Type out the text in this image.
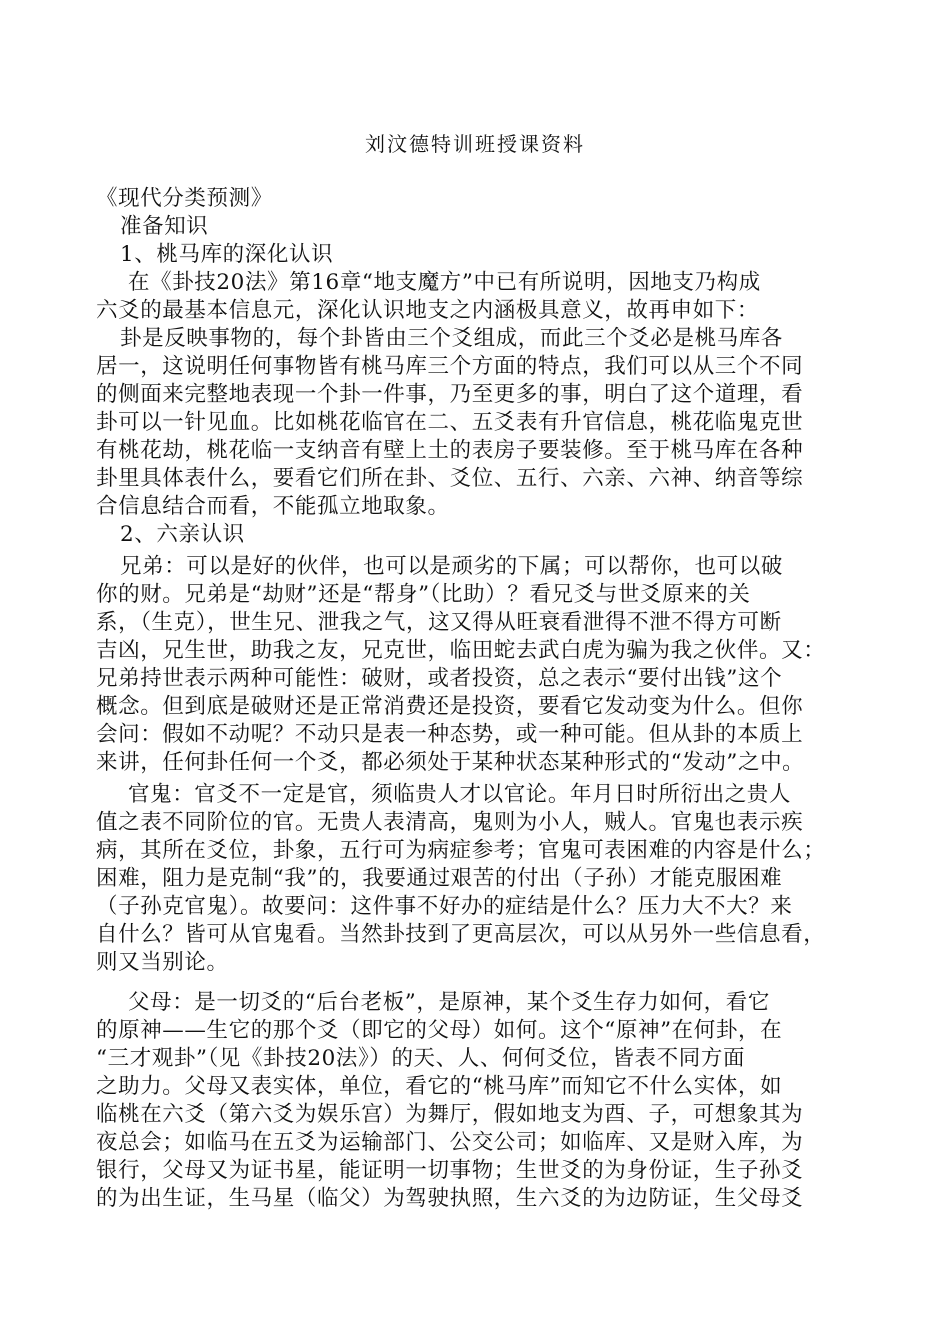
刘汶德特训班授课资料
《现代分类预测》
准备知识
1、桃马库的深化认识
在《卦技20法》第16章“地支魔方”中已有所说明，因地支乃构成
六爻的最基本信息元，深化认识地支之内涵极具意义，故再申如下：
卦是反映事物的，每个卦皆由三个爻组成，而此三个爻必是桃马库各
居一，这说明任何事物皆有桃马库三个方面的特点，我们可以从三个不同
的侧面来完整地表现一个卦一件事，乃至更多的事，明白了这个道理，看
卦可以一针见血。比如桃花临官在二、五爻表有升官信息，桃花临鬼克世
有桃花劫，桃花临一支纳音有壁上土的表房子要装修。至于桃马库在各种
卦里具体表什么，要看它们所在卦、爻位、五行、六亲、六神、纳音等综
合信息结合而看，不能孤立地取象。
2、六亲认识
兄弟：可以是好的伙伴，也可以是顽劣的下属；可以帮你，也可以破
你的财。兄弟是“劫财”还是“帮身”（比助）？看兄爻与世爻原来的关
系，（生克），世生兄、泄我之气，这又得从旺衰看泄得不泄不得方可断
吉凶，兄生世，助我之友，兄克世，临田蛇去武白虎为骗为我之伙伴。又：
兄弟持世表示两种可能性：破财，或者投资，总之表示“要付出钱”这个
概念。但到底是破财还是正常消费还是投资，要看它发动变为什么。但你
会问：假如不动呢？不动只是表一种态势，或一种可能。但从卦的本质上
来讲，任何卦任何一个爻，都必须处于某种状态某种形式的“发动”之中。
官鬼：官爻不一定是官，须临贵人才以官论。年月日时所衍出之贵人
值之表不同阶位的官。无贵人表清高，鬼则为小人，贼人。官鬼也表示疾
病，其所在爻位，卦象，五行可为病症参考；官鬼可表困难的内容是什么；
困难，阻力是克制“我”的，我要通过艰苦的付出（子孙）才能克服困难
（子孙克官鬼）。故要问：这件事不好办的症结是什么？压力大不大？来
自什么？皆可从官鬼看。当然卦技到了更高层次，可以从另外一些信息看，
则又当别论。
父母：是一切爻的“后台老板”，是原神，某个爻生存力如何，看它
的原神——生它的那个爻（即它的父母）如何。这个“原神”在何卦，在
“三才观卦”（见《卦技20法》）的天、人、何何爻位，皆表不同方面
之助力。父母又表实体，单位，看它的“桃马库”而知它不什么实体，如
临桃在六爻（第六爻为娱乐宫）为舞厅，假如地支为酉、子，可想象其为
夜总会；如临马在五爻为运输部门、公交公司；如临库、又是财入库，为
银行，父母又为证书星，能证明一切事物；生世爻的为身份证，生子孙爻
的为出生证，生马星（临父）为驾驶执照，生六爻的为边防证，生父母爻
